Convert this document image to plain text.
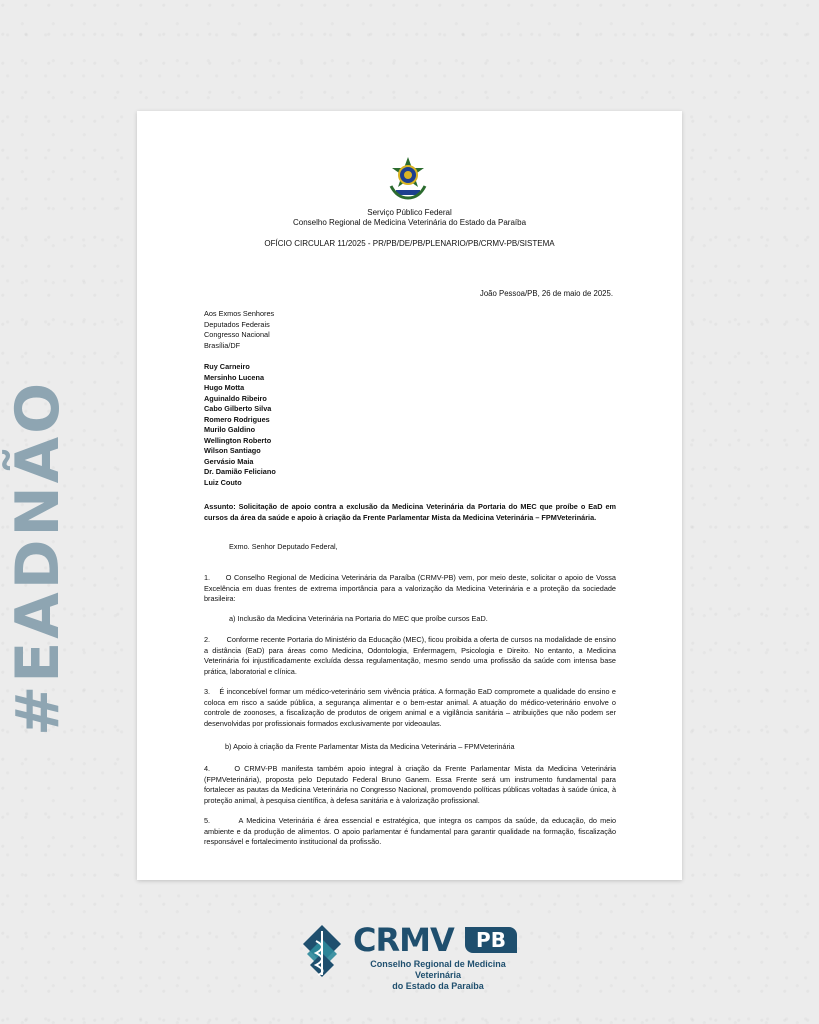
#EADNÃO
Serviço Público Federal
Conselho Regional de Medicina Veterinária do Estado da Paraíba
OFÍCIO CIRCULAR 11/2025 - PR/PB/DE/PB/PLENARIO/PB/CRMV-PB/SISTEMA
João Pessoa/PB, 26 de maio de 2025.
Aos Exmos Senhores
Deputados Federais
Congresso Nacional
Brasília/DF
Ruy Carneiro
Mersinho Lucena
Hugo Motta
Aguinaldo Ribeiro
Cabo Gilberto Silva
Romero Rodrigues
Murilo Galdino
Wellington Roberto
Wilson Santiago
Gervásio Maia
Dr. Damião Feliciano
Luiz Couto
Assunto: Solicitação de apoio contra a exclusão da Medicina Veterinária da Portaria do MEC que proíbe o EaD em cursos da área da saúde e apoio à criação da Frente Parlamentar Mista da Medicina Veterinária – FPMVeterinária.
Exmo. Senhor Deputado Federal,
1.      O Conselho Regional de Medicina Veterinária da Paraíba (CRMV-PB) vem, por meio deste, solicitar o apoio de Vossa Excelência em duas frentes de extrema importância para a valorização da Medicina Veterinária e a proteção da sociedade brasileira:
a) Inclusão da Medicina Veterinária na Portaria do MEC que proíbe cursos EaD.
2.        Conforme recente Portaria do Ministério da Educação (MEC), ficou proibida a oferta de cursos na modalidade de ensino a distância (EaD) para áreas como Medicina, Odontologia, Enfermagem, Psicologia e Direito. No entanto, a Medicina Veterinária foi injustificadamente excluída dessa regulamentação, mesmo sendo uma profissão da saúde com intensa base prática, laboratorial e clínica.
3.    É inconcebível formar um médico-veterinário sem vivência prática. A formação EaD compromete a qualidade do ensino e coloca em risco a saúde pública, a segurança alimentar e o bem-estar animal. A atuação do médico-veterinário envolve o controle de zoonoses, a fiscalização de produtos de origem animal e a vigilância sanitária – atribuições que não podem ser desenvolvidas por profissionais formados exclusivamente por videoaulas.
b) Apoio à criação da Frente Parlamentar Mista da Medicina Veterinária – FPMVeterinária
4.      O CRMV-PB manifesta também apoio integral à criação da Frente Parlamentar Mista da Medicina Veterinária (FPMVeterinária), proposta pelo Deputado Federal Bruno Ganem. Essa Frente será um instrumento fundamental para fortalecer as pautas da Medicina Veterinária no Congresso Nacional, promovendo políticas públicas voltadas à saúde única, à proteção animal, à pesquisa científica, à defesa sanitária e à valorização profissional.
5.         A Medicina Veterinária é área essencial e estratégica, que integra os campos da saúde, da educação, do meio ambiente e da produção de alimentos. O apoio parlamentar é fundamental para garantir qualidade na formação, fiscalização responsável e fortalecimento institucional da profissão.
CRMV	PB
Conselho Regional de Medicina Veterinária
do Estado da Paraíba
